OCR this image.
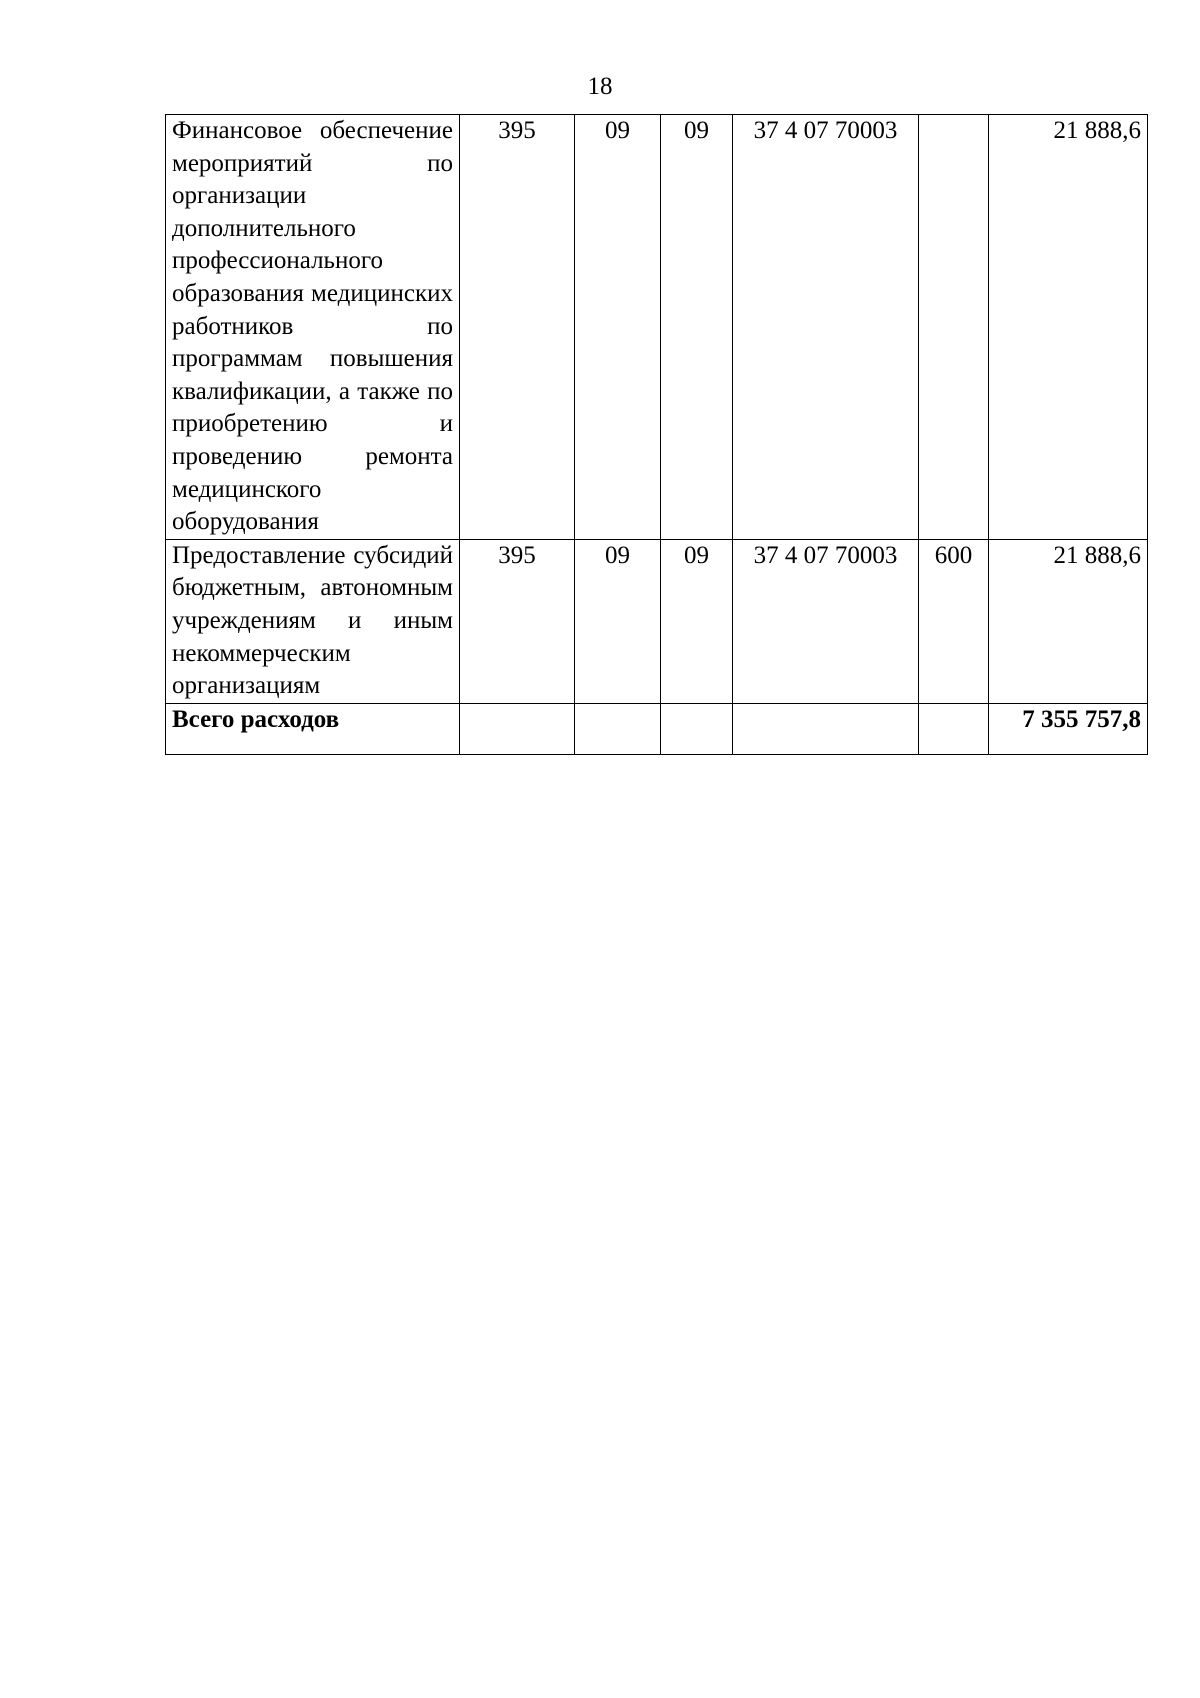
18
Финансовое обеспечение мероприятий по организации дополнительного профессионального образования медицинских работников по программам повышения квалификации, а также по приобретению и проведению ремонта медицинского оборудования	395	09	09	37 4 07 70003		21 888,6
Предоставление субсидий бюджетным, автономным учреждениям и иным некоммерческим организациям	395	09	09	37 4 07 70003	600	21 888,6
Всего расходов						7 355 757,8
